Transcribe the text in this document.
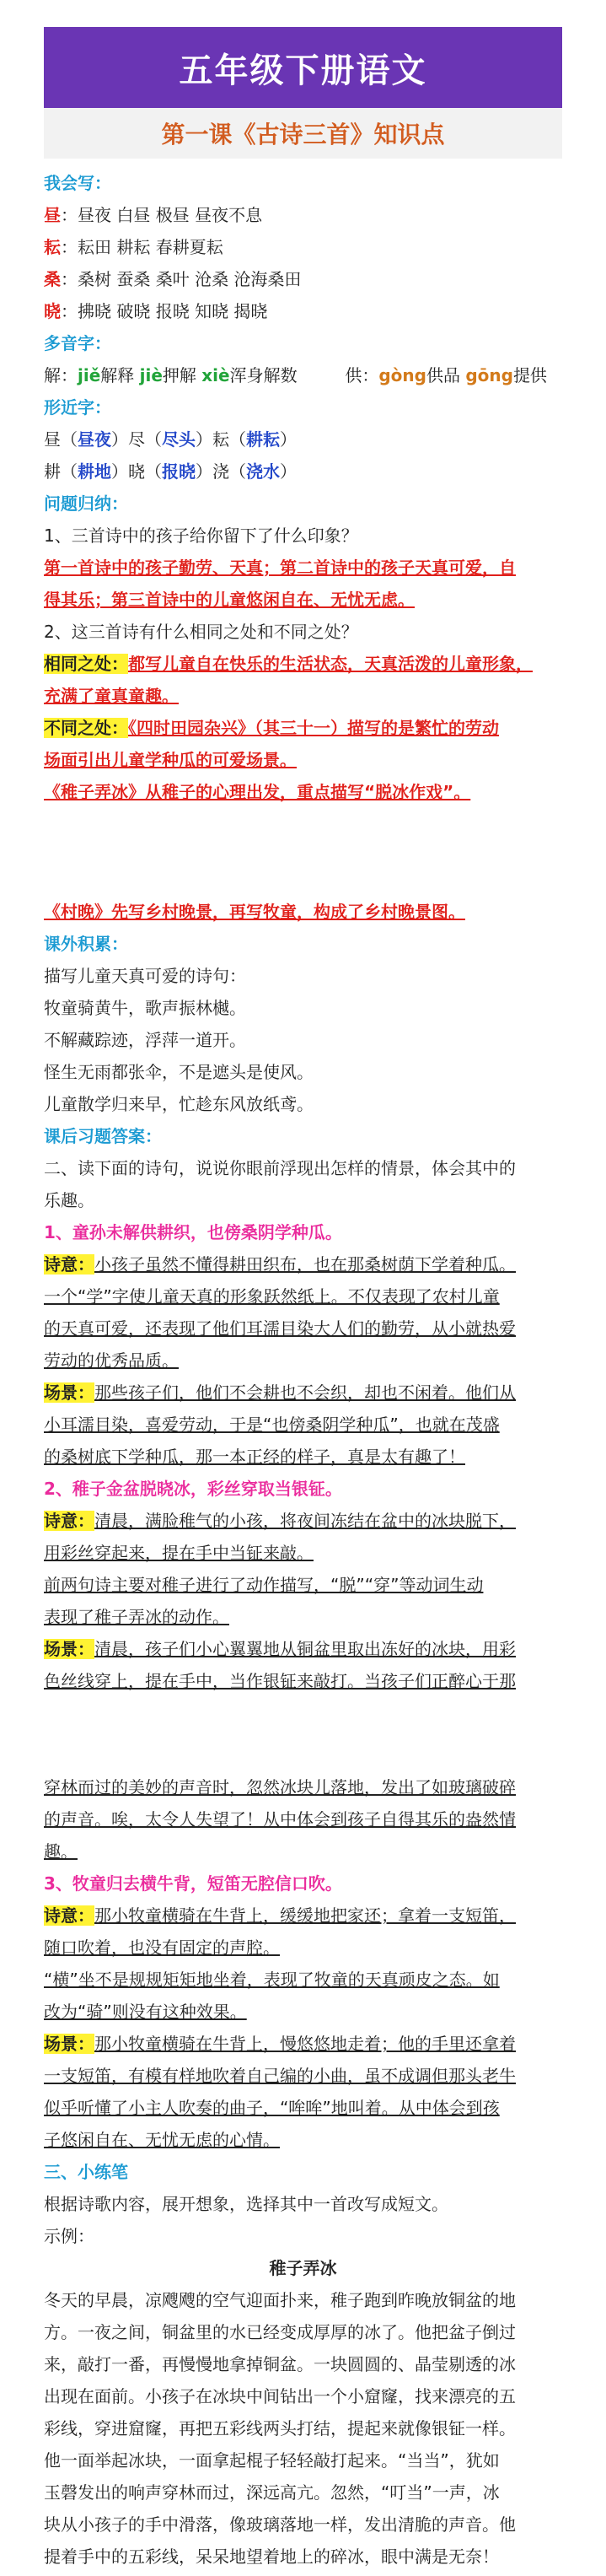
五年级下册语文
第一课《古诗三首》知识点
我会写：
昼：昼夜 白昼 极昼 昼夜不息
耘：耘田 耕耘 春耕夏耘
桑：桑树 蚕桑 桑叶 沧桑 沧海桑田
晓：拂晓 破晓 报晓 知晓 揭晓
多音字：
解：jiě解释 jiè押解 xiè浑身解数	供：gòng供品 gōng提供
形近字：
昼（昼夜）尽（尽头）耘（耕耘）
耕（耕地）晓（报晓）浇（浇水）
问题归纳：
1、三首诗中的孩子给你留下了什么印象？
第一首诗中的孩子勤劳、天真；第二首诗中的孩子天真可爱，自
得其乐；第三首诗中的儿童悠闲自在、无忧无虑。
2、这三首诗有什么相同之处和不同之处？
相同之处：都写儿童自在快乐的生活状态，天真活泼的儿童形象，
充满了童真童趣。
不同之处：《四时田园杂兴》（其三十一）描写的是繁忙的劳动
场面引出儿童学种瓜的可爱场景。
《稚子弄冰》从稚子的心理出发，重点描写“脱冰作戏”。
《村晚》先写乡村晚景，再写牧童，构成了乡村晚景图。
课外积累：
描写儿童天真可爱的诗句：
牧童骑黄牛，歌声振林樾。
不解藏踪迹，浮萍一道开。
怪生无雨都张伞，不是遮头是使风。
儿童散学归来早，忙趁东风放纸鸢。
课后习题答案：
二、读下面的诗句，说说你眼前浮现出怎样的情景，体会其中的
乐趣。
1、童孙未解供耕织，也傍桑阴学种瓜。
诗意：小孩子虽然不懂得耕田织布，也在那桑树荫下学着种瓜。
一个“学”字使儿童天真的形象跃然纸上。不仅表现了农村儿童
的天真可爱，还表现了他们耳濡目染大人们的勤劳，从小就热爱
劳动的优秀品质。
场景：那些孩子们，他们不会耕也不会织，却也不闲着。他们从
小耳濡目染，喜爱劳动，于是“也傍桑阴学种瓜”，也就在茂盛
的桑树底下学种瓜，那一本正经的样子，真是太有趣了！
2、稚子金盆脱晓冰，彩丝穿取当银钲。
诗意：清晨，满脸稚气的小孩，将夜间冻结在盆中的冰块脱下，
用彩丝穿起来，提在手中当钲来敲。
前两句诗主要对稚子进行了动作描写，“脱”“穿”等动词生动
表现了稚子弄冰的动作。
场景：清晨，孩子们小心翼翼地从铜盆里取出冻好的冰块，用彩
色丝线穿上，提在手中，当作银钲来敲打。当孩子们正醉心于那
穿林而过的美妙的声音时，忽然冰块儿落地，发出了如玻璃破碎
的声音。唉，太令人失望了！从中体会到孩子自得其乐的盎然情
趣。
3、牧童归去横牛背，短笛无腔信口吹。
诗意：那小牧童横骑在牛背上，缓缓地把家还；拿着一支短笛，
随口吹着，也没有固定的声腔。
“横”坐不是规规矩矩地坐着，表现了牧童的天真顽皮之态。如
改为“骑”则没有这种效果。
场景：那小牧童横骑在牛背上，慢悠悠地走着；他的手里还拿着
一支短笛，有模有样地吹着自己编的小曲，虽不成调但那头老牛
似乎听懂了小主人吹奏的曲子，“哞哞”地叫着。从中体会到孩
子悠闲自在、无忧无虑的心情。
三、小练笔
根据诗歌内容，展开想象，选择其中一首改写成短文。
示例：
稚子弄冰
冬天的早晨，凉飕飕的空气迎面扑来，稚子跑到昨晚放铜盆的地
方。一夜之间，铜盆里的水已经变成厚厚的冰了。他把盆子倒过
来，敲打一番，再慢慢地拿掉铜盆。一块圆圆的、晶莹剔透的冰
出现在面前。小孩子在冰块中间钻出一个小窟窿，找来漂亮的五
彩线，穿进窟窿，再把五彩线两头打结，提起来就像银钲一样。
他一面举起冰块，一面拿起棍子轻轻敲打起来。“当当”，犹如
玉磬发出的响声穿林而过，深远高亢。忽然，“叮当”一声，冰
块从小孩子的手中滑落，像玻璃落地一样，发出清脆的声音。他
提着手中的五彩线，呆呆地望着地上的碎冰，眼中满是无奈！
